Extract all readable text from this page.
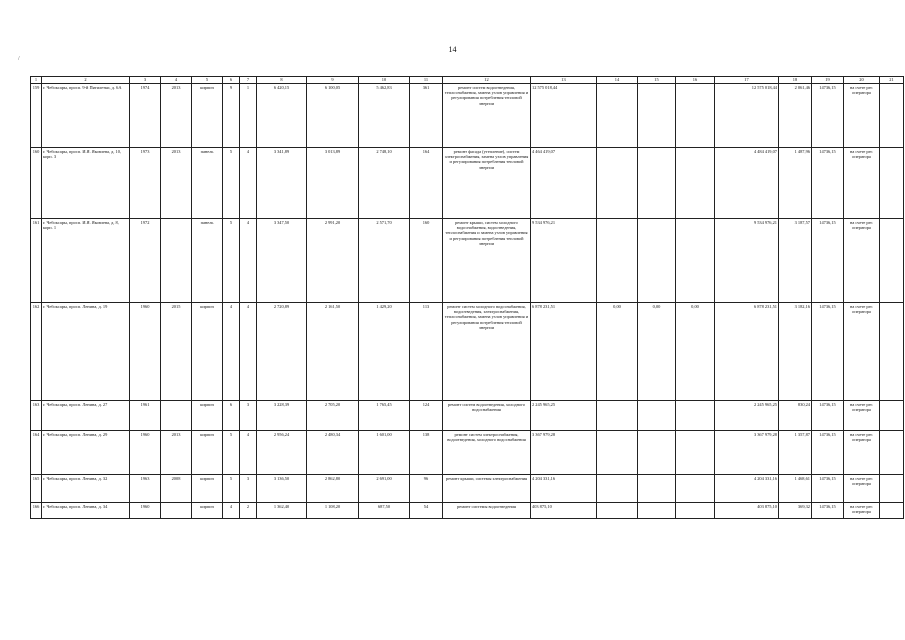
14
/
1	2	3	4	5	6	7	8	9	10	11	12	13	14	15	16	17	18	19	20	21
159	г. Чебоксары, просп. 9-й Пятилетки, д. 6А	1974	2013	кирпич	9	1	6 420,15	6 100,05	5 462,83	361	ремонт систем водоотведения, теплоснабжения, замена узлов управления и регулирования потребления тепловой энергии	12 575 018,44				12 575 018,44	2 061,46	14736,15	на счете рег. оператора	
160	г. Чебоксары, просп. И.Я. Яковлева, д. 10, корп. 3	1973	2013	панель	5	4	3 341,89	3 013,89	2 748,10	164	ремонт фасада (утепление), систем электроснабжения, замена узлов управления и регулирования потребления тепловой энергии	4 464 419,07				4 484 419,07	1 487,96	14736,15	на счете рег. оператора	
161	г. Чебоксары, просп. И.Я. Яковлева, д. 8, корп. 1	1972		панель	5	4	3 347,50	2 991,20	2 571,70	160	ремонт крыши, систем холодного водоснабжения, водоотведения, теплоснабжения и замена узлов управления и регулирования потребления тепловой энергии	9 534 976,21				9 534 976,21	3 187,57	14736,15	на счете рег. оператора	
162	г. Чебоксары, просп. Ленина, д. 19	1960	2015	кирпич	4	4	2 720,89	2 161,50	1 429,20	113	ремонт систем холодного водоснабжения, водоотведения, электроснабжения, теплоснабжения, замена узлов управления и регулирования потребления тепловой энергии	6 878 231,51	0,00	0,00	0,00	6 878 231,51	3 182,16	14736,15	на счете рег. оператора	
163	г. Чебоксары, просп. Ленина, д. 27	1961		кирпич	6	3	3 228,39	2 705,20	1 765,45	124	ремонт систем водоотведения, холодного водоснабжения	2 245 965,25				2 245 965,25	830,24	14736,15	на счете рег. оператора	
164	г. Чебоксары, просп. Ленина, д. 29	1960	2013	кирпич	5	4	2 956,24	2 480,34	1 601,00	138	ремонт систем электроснабжения, водоотведения, холодного водоснабжения	3 367 979,28				3 367 979,28	1 357,87	14736,15	на счете рег. оператора	
165	г. Чебоксары, просп. Ленина, д. 32	1963	2008	кирпич	5	3	3 136,50	2 862,80	2 691,00	96	ремонт крыши, системы электроснабжения	4 204 331,16				4 204 331,16	1 468,61	14736,15	на счете рег. оператора	
166	г. Чебоксары, просп. Ленина, д. 34	1960		кирпич	4	2	1 362,40	1 108,20	687,50	54	ремонт системы водоотведения	403 875,10				403 875,10	369,32	14736,15	на счете рег. оператора	
